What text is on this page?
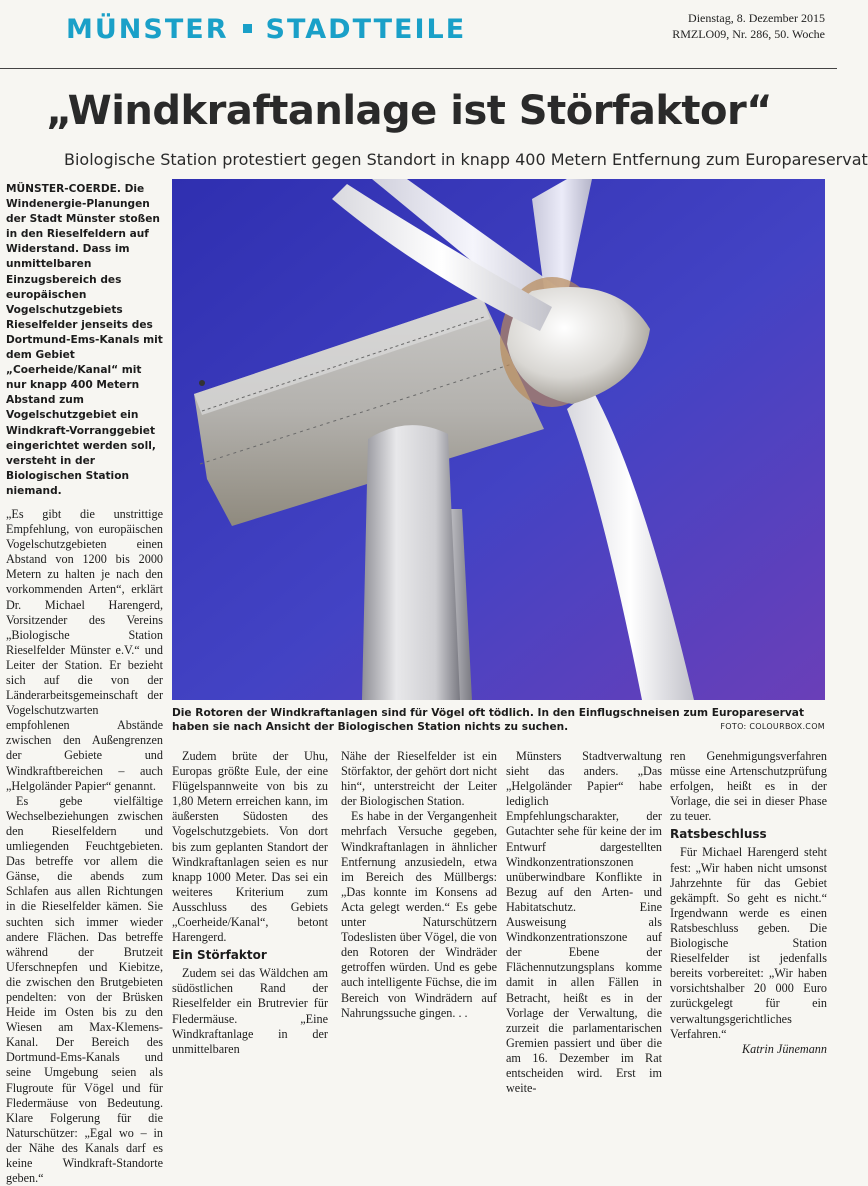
MÜNSTER STADTTEILE	Dienstag, 8. Dezember 2015
RMZLO09, Nr. 286, 50. Woche
„Windkraftanlage ist Störfaktor“
Biologische Station protestiert gegen Standort in knapp 400 Metern Entfernung zum Europareservat

MÜNSTER-COERDE. Die Windenergie-Planungen der Stadt Münster stoßen in den Rieselfeldern auf Widerstand. Dass im unmittelbaren Einzugsbereich des europäischen Vogelschutzgebiets Rieselfelder jenseits des Dortmund-Ems-Kanals mit dem Gebiet „Coerheide/Kanal“ mit nur knapp 400 Metern Abstand zum Vogelschutzgebiet ein Windkraft-Vorranggebiet eingerichtet werden soll, versteht in der Biologischen Station niemand.

„Es gibt die unstrittige Empfehlung, von europäischen Vogelschutzgebieten einen Abstand von 1200 bis 2000 Metern zu halten je nach den vorkommenden Arten“, erklärt Dr. Michael Harengerd, Vorsitzender des Vereins „Biologische Station Rieselfelder Münster e.V.“ und Leiter der Station. Er bezieht sich auf die von der Länderarbeitsgemeinschaft der Vogelschutzwarten empfohlenen Abstände zwischen den Außengrenzen der Gebiete und Windkraftbereichen – auch „Helgoländer Papier“ genannt.

Es gebe vielfältige Wechselbeziehungen zwischen den Rieselfeldern und umliegenden Feuchtgebieten. Das betreffe vor allem die Gänse, die abends zum Schlafen aus allen Richtungen in die Rieselfelder kämen. Sie suchten sich immer wieder andere Flächen. Das betreffe während der Brutzeit Uferschnepfen und Kiebitze, die zwischen den Brutgebieten pendelten: von der Brüsken Heide im Osten bis zu den Wiesen am Max-Klemens-Kanal. Der Bereich des Dortmund-Ems-Kanals und seine Umgebung seien als Flugroute für Vögel und für Fledermäuse von Bedeutung. Klare Folgerung für die Naturschützer: „Egal wo – in der Nähe des Kanals darf es keine Windkraft-Standorte geben.“

Die Rotoren der Windkraftanlagen sind für Vögel oft tödlich. In den Einflugschneisen zum Europareservat haben sie nach Ansicht der Biologischen Station nichts zu suchen.	FOTO: COLOURBOX.COM

Zudem brüte der Uhu, Europas größte Eule, der eine Flügelspannweite von bis zu 1,80 Metern erreichen kann, im äußersten Südosten des Vogelschutzgebiets. Von dort bis zum geplanten Standort der Windkraftanlagen seien es nur knapp 1000 Meter. Das sei ein weiteres Kriterium zum Ausschluss des Gebiets „Coerheide/Kanal“, betont Harengerd.

Ein Störfaktor

Zudem sei das Wäldchen am südöstlichen Rand der Rieselfelder ein Brutrevier für Fledermäuse. „Eine Windkraftanlage in der unmittelbaren

Nähe der Rieselfelder ist ein Störfaktor, der gehört dort nicht hin“, unterstreicht der Leiter der Biologischen Station.

Es habe in der Vergangenheit mehrfach Versuche gegeben, Windkraftanlagen in ähnlicher Entfernung anzusiedeln, etwa im Bereich des Müllbergs: „Das konnte im Konsens ad Acta gelegt werden.“ Es gebe unter Naturschützern Todeslisten über Vögel, die von den Rotoren der Windräder getroffen würden. Und es gebe auch intelligente Füchse, die im Bereich von Windrädern auf Nahrungssuche gingen. . .

Münsters Stadtverwaltung sieht das anders. „Das „Helgoländer Papier“ habe lediglich Empfehlungscharakter, der Gutachter sehe für keine der im Entwurf dargestellten Windkonzentrationszonen unüberwindbare Konflikte in Bezug auf den Arten- und Habitatschutz. Eine Ausweisung als Windkonzentrationszone auf der Ebene der Flächennutzungsplans komme damit in allen Fällen in Betracht, heißt es in der Vorlage der Verwaltung, die zurzeit die parlamentarischen Gremien passiert und über die am 16. Dezember im Rat entscheiden wird. Erst im weite-

ren Genehmigungsverfahren müsse eine Artenschutzprüfung erfolgen, heißt es in der Vorlage, die sei in dieser Phase zu teuer.

Ratsbeschluss

Für Michael Harengerd steht fest: „Wir haben nicht umsonst Jahrzehnte für das Gebiet gekämpft. So geht es nicht.“ Irgendwann werde es einen Ratsbeschluss geben. Die Biologische Station Rieselfelder ist jedenfalls bereits vorbereitet: „Wir haben vorsichtshalber 20 000 Euro zurückgelegt für ein verwaltungsgerichtliches Verfahren.“

Katrin Jünemann
